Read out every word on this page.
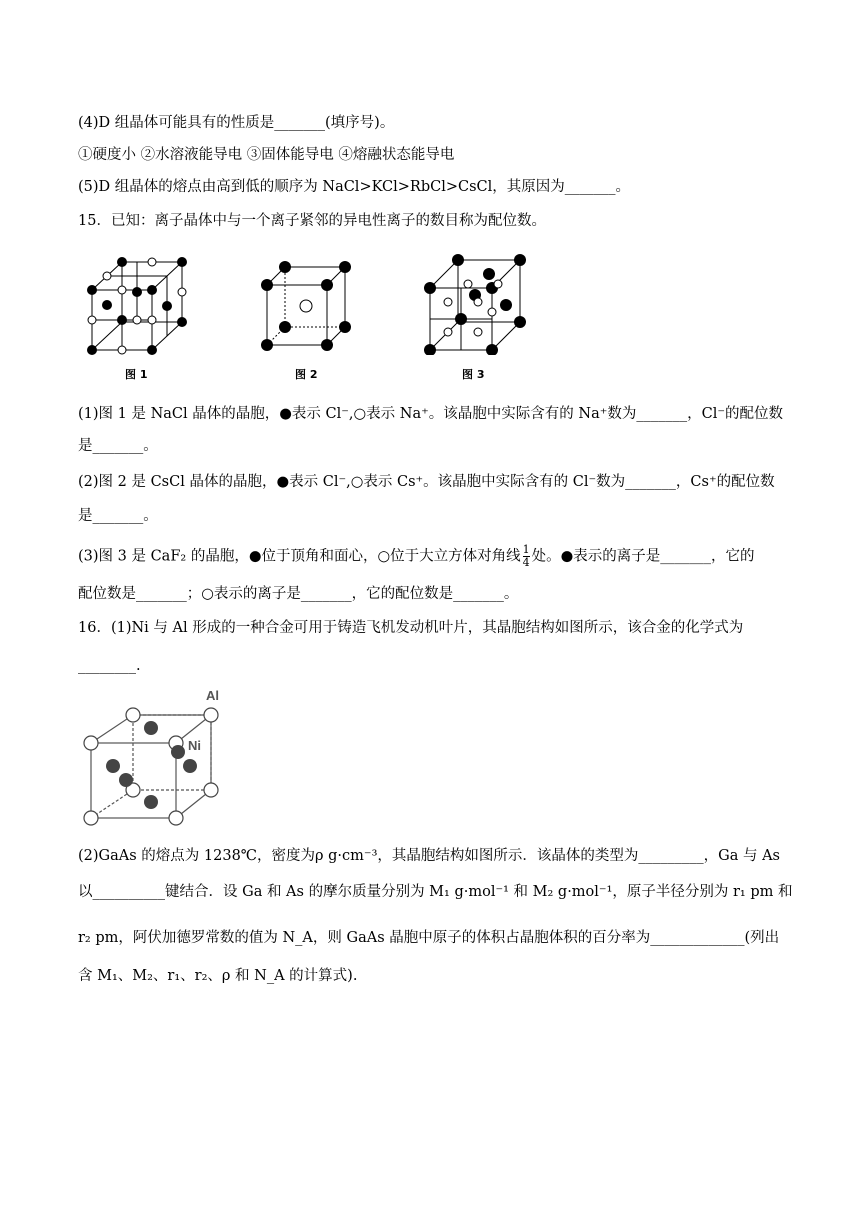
(4)D 组晶体可能具有的性质是_______(填序号)。
①硬度小 ②水溶液能导电 ③固体能导电 ④熔融状态能导电
(5)D 组晶体的熔点由高到低的顺序为 NaCl>KCl>RbCl>CsCl，其原因为_______。
15．已知：离子晶体中与一个离子紧邻的异电性离子的数目称为配位数。
图 1	图 2	图 3
(1)图 1 是 NaCl 晶体的晶胞，●表示 Cl⁻,○表示 Na⁺。该晶胞中实际含有的 Na⁺数为_______，Cl⁻的配位数
是_______。
(2)图 2 是 CsCl 晶体的晶胞，●表示 Cl⁻,○表示 Cs⁺。该晶胞中实际含有的 Cl⁻数为_______，Cs⁺的配位数
是_______。
(3)图 3 是 CaF₂ 的晶胞，●位于顶角和面心，○位于大立方体对角线 $\frac{1}{4}$ 处。●表示的离子是_______，它的
配位数是_______；○表示的离子是_______，它的配位数是_______。
16．(1)Ni 与 Al 形成的一种合金可用于铸造飞机发动机叶片，其晶胞结构如图所示，该合金的化学式为
________.
Al
Ni
(2)GaAs 的熔点为 1238℃，密度为ρ g·cm⁻³，其晶胞结构如图所示．该晶体的类型为_________，Ga 与 As
以__________键结合．设 Ga 和 As 的摩尔质量分别为 M₁ g·mol⁻¹ 和 M₂ g·mol⁻¹，原子半径分别为 r₁ pm 和
r₂ pm，阿伏加德罗常数的值为 N_A，则 GaAs 晶胞中原子的体积占晶胞体积的百分率为_____________(列出
含 M₁、M₂、r₁、r₂、ρ 和 N_A 的计算式).
